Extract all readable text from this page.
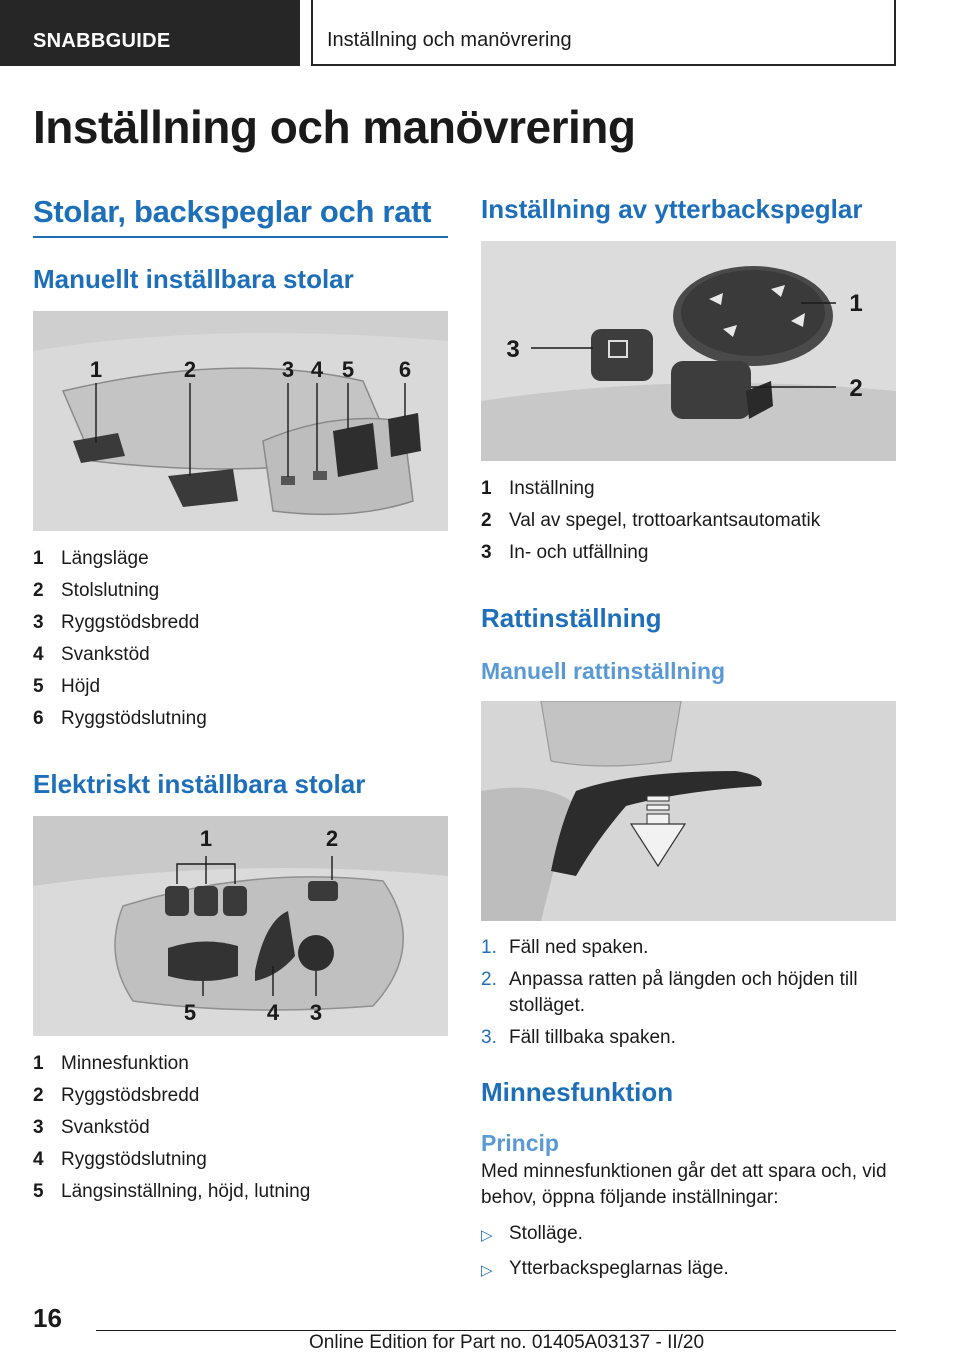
SNABBGUIDE	Inställning och manövrering
Inställning och manövrering
Stolar, backspeglar och ratt
Manuellt inställbara stolar
1	2	3 4 5 6
1 Längsläge
2 Stolslutning
3 Ryggstödsbredd
4 Svankstöd
5 Höjd
6 Ryggstödslutning
Elektriskt inställbara stolar
1	2
5	4 3
1 Minnesfunktion
2 Ryggstödsbredd
3 Svankstöd
4 Ryggstödslutning
5 Längsinställning, höjd, lutning
Inställning av ytterbackspeglar
1
2
3
1 Inställning
2 Val av spegel, trottoarkantsautomatik
3 In- och utfällning
Rattinställning
Manuell rattinställning
1. Fäll ned spaken.
2. Anpassa ratten på längden och höjden till stolläget.
3. Fäll tillbaka spaken.
Minnesfunktion
Princip

Med minnesfunktionen går det att spara och, vid behov, öppna följande inställningar:

▷ Stolläge.
▷ Ytterbackspeglarnas läge.
16
Online Edition for Part no. 01405A03137 - II/20
